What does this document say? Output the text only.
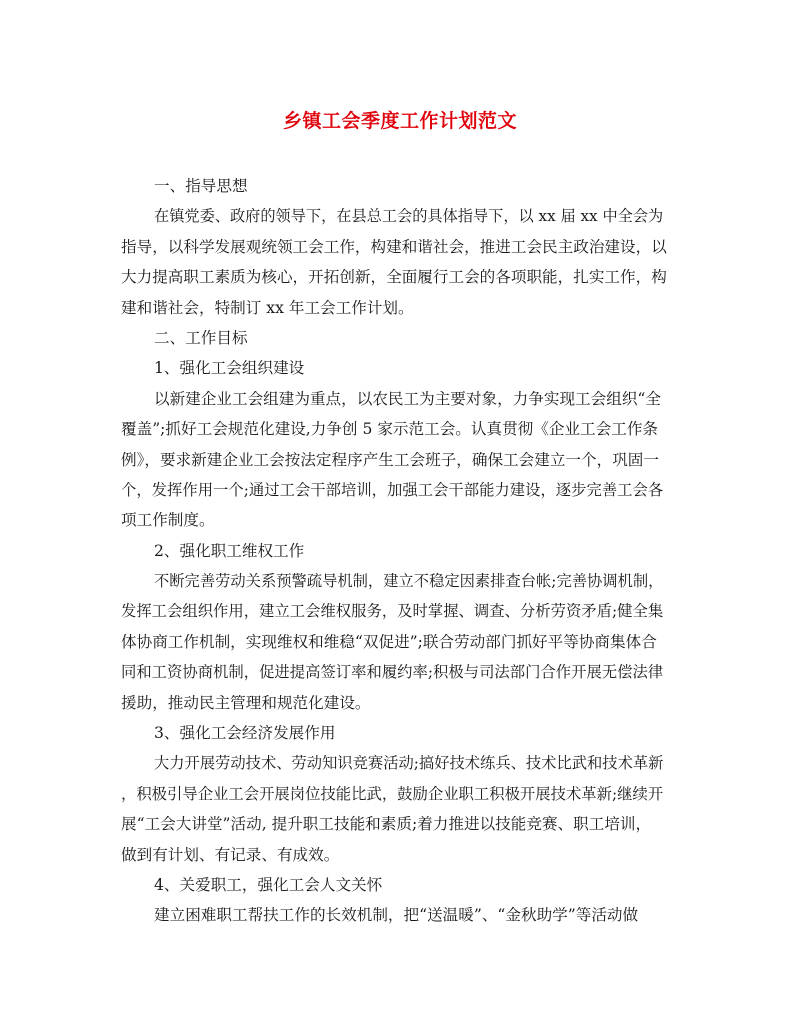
乡镇工会季度工作计划范文
一、指导思想
在镇党委、政府的领导下，在县总工会的具体指导下，以 xx 届 xx 中全会为
指导，以科学发展观统领工会工作，构建和谐社会，推进工会民主政治建设，以
大力提高职工素质为核心，开拓创新，全面履行工会的各项职能，扎实工作，构
建和谐社会，特制订 xx 年工会工作计划。
二、工作目标
1、强化工会组织建设
以新建企业工会组建为重点，以农民工为主要对象，力争实现工会组织“全
覆盖”;抓好工会规范化建设,力争创 5 家示范工会。认真贯彻《企业工会工作条
例》，要求新建企业工会按法定程序产生工会班子，确保工会建立一个，巩固一
个，发挥作用一个;通过工会干部培训，加强工会干部能力建设，逐步完善工会各
项工作制度。
2、强化职工维权工作
不断完善劳动关系预警疏导机制，建立不稳定因素排查台帐;完善协调机制，
发挥工会组织作用，建立工会维权服务，及时掌握、调查、分析劳资矛盾;健全集
体协商工作机制，实现维权和维稳“双促进”;联合劳动部门抓好平等协商集体合
同和工资协商机制，促进提高签订率和履约率;积极与司法部门合作开展无偿法律
援助，推动民主管理和规范化建设。
3、强化工会经济发展作用
大力开展劳动技术、劳动知识竞赛活动;搞好技术练兵、技术比武和技术革新
，积极引导企业工会开展岗位技能比武，鼓励企业职工积极开展技术革新;继续开
展“工会大讲堂”活动, 提升职工技能和素质;着力推进以技能竞赛、职工培训，
做到有计划、有记录、有成效。
4、关爱职工，强化工会人文关怀
建立困难职工帮扶工作的长效机制，把“送温暖”、“金秋助学”等活动做
